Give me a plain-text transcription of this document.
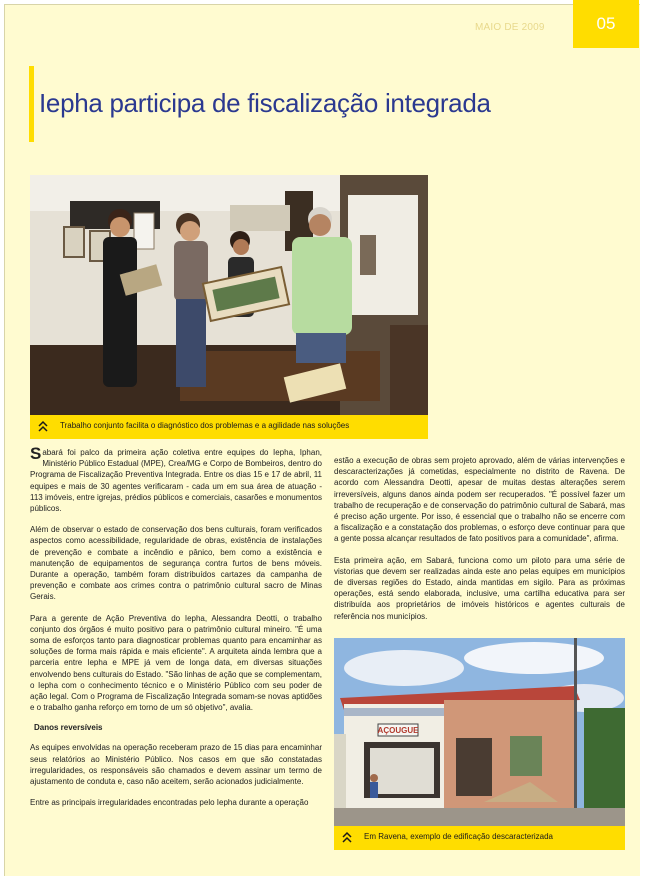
MAIO DE 2009	05
Iepha participa de fiscalização integrada
Trabalho conjunto facilita o diagnóstico dos problemas e a agilidade nas soluções

Sabará foi palco da primeira ação coletiva entre equipes do Iepha, Iphan, Ministério Público Estadual (MPE), Crea/MG e Corpo de Bombeiros, dentro do Programa de Fiscalização Preventiva Integrada. Entre os dias 15 e 17 de abril, 11 equipes e mais de 30 agentes verificaram - cada um em sua área de atuação - 113 imóveis, entre igrejas, prédios públicos e comerciais, casarões e monumentos públicos.

Além de observar o estado de conservação dos bens culturais, foram verificados aspectos como acessibilidade, regularidade de obras, existência de instalações de prevenção e combate a incêndio e pânico, bem como a existência e manutenção de equipamentos de segurança contra furtos de bens móveis. Durante a operação, também foram distribuídos cartazes da campanha de prevenção e combate aos crimes contra o patrimônio cultural sacro de Minas Gerais.

Para a gerente de Ação Preventiva do Iepha, Alessandra Deotti, o trabalho conjunto dos órgãos é muito positivo para o patrimônio cultural mineiro. "É uma soma de esforços tanto para diagnosticar problemas quanto para encaminhar as soluções de forma mais rápida e mais eficiente". A arquiteta ainda lembra que a parceria entre Iepha e MPE já vem de longa data, em diversas situações envolvendo bens culturais do Estado. "São linhas de ação que se complementam, o Iepha com o conhecimento técnico e o Ministério Público com seu poder de ação legal. Com o Programa de Fiscalização Integrada somam-se novas aptidões e o trabalho ganha reforço em torno de um só objetivo", avalia.

Danos reversíveis

As equipes envolvidas na operação receberam prazo de 15 dias para encaminhar seus relatórios ao Ministério Público. Nos casos em que são constatadas irregularidades, os responsáveis são chamados e devem assinar um termo de ajustamento de conduta e, caso não aceitem, serão acionados judicialmente.

Entre as principais irregularidades encontradas pelo Iepha durante a operação

estão a execução de obras sem projeto aprovado, além de várias intervenções e descaracterizações já cometidas, especialmente no distrito de Ravena. De acordo com Alessandra Deotti, apesar de muitas destas alterações serem irreversíveis, alguns danos ainda podem ser recuperados. "É possível fazer um trabalho de recuperação e de conservação do patrimônio cultural de Sabará, mas é preciso ação urgente. Por isso, é essencial que o trabalho não se encerre com a fiscalização e a constatação dos problemas, o esforço deve continuar para que a gente possa alcançar resultados de fato positivos para a comunidade", afirma.

Esta primeira ação, em Sabará, funciona como um piloto para uma série de vistorias que devem ser realizadas ainda este ano pelas equipes em municípios de diversas regiões do Estado, ainda mantidas em sigilo. Para as próximas operações, está sendo elaborada, inclusive, uma cartilha educativa para ser distribuída aos proprietários de imóveis históricos e agentes culturais de referência nos municípios.

AÇOUGUE
Em Ravena, exemplo de edificação descaracterizada
